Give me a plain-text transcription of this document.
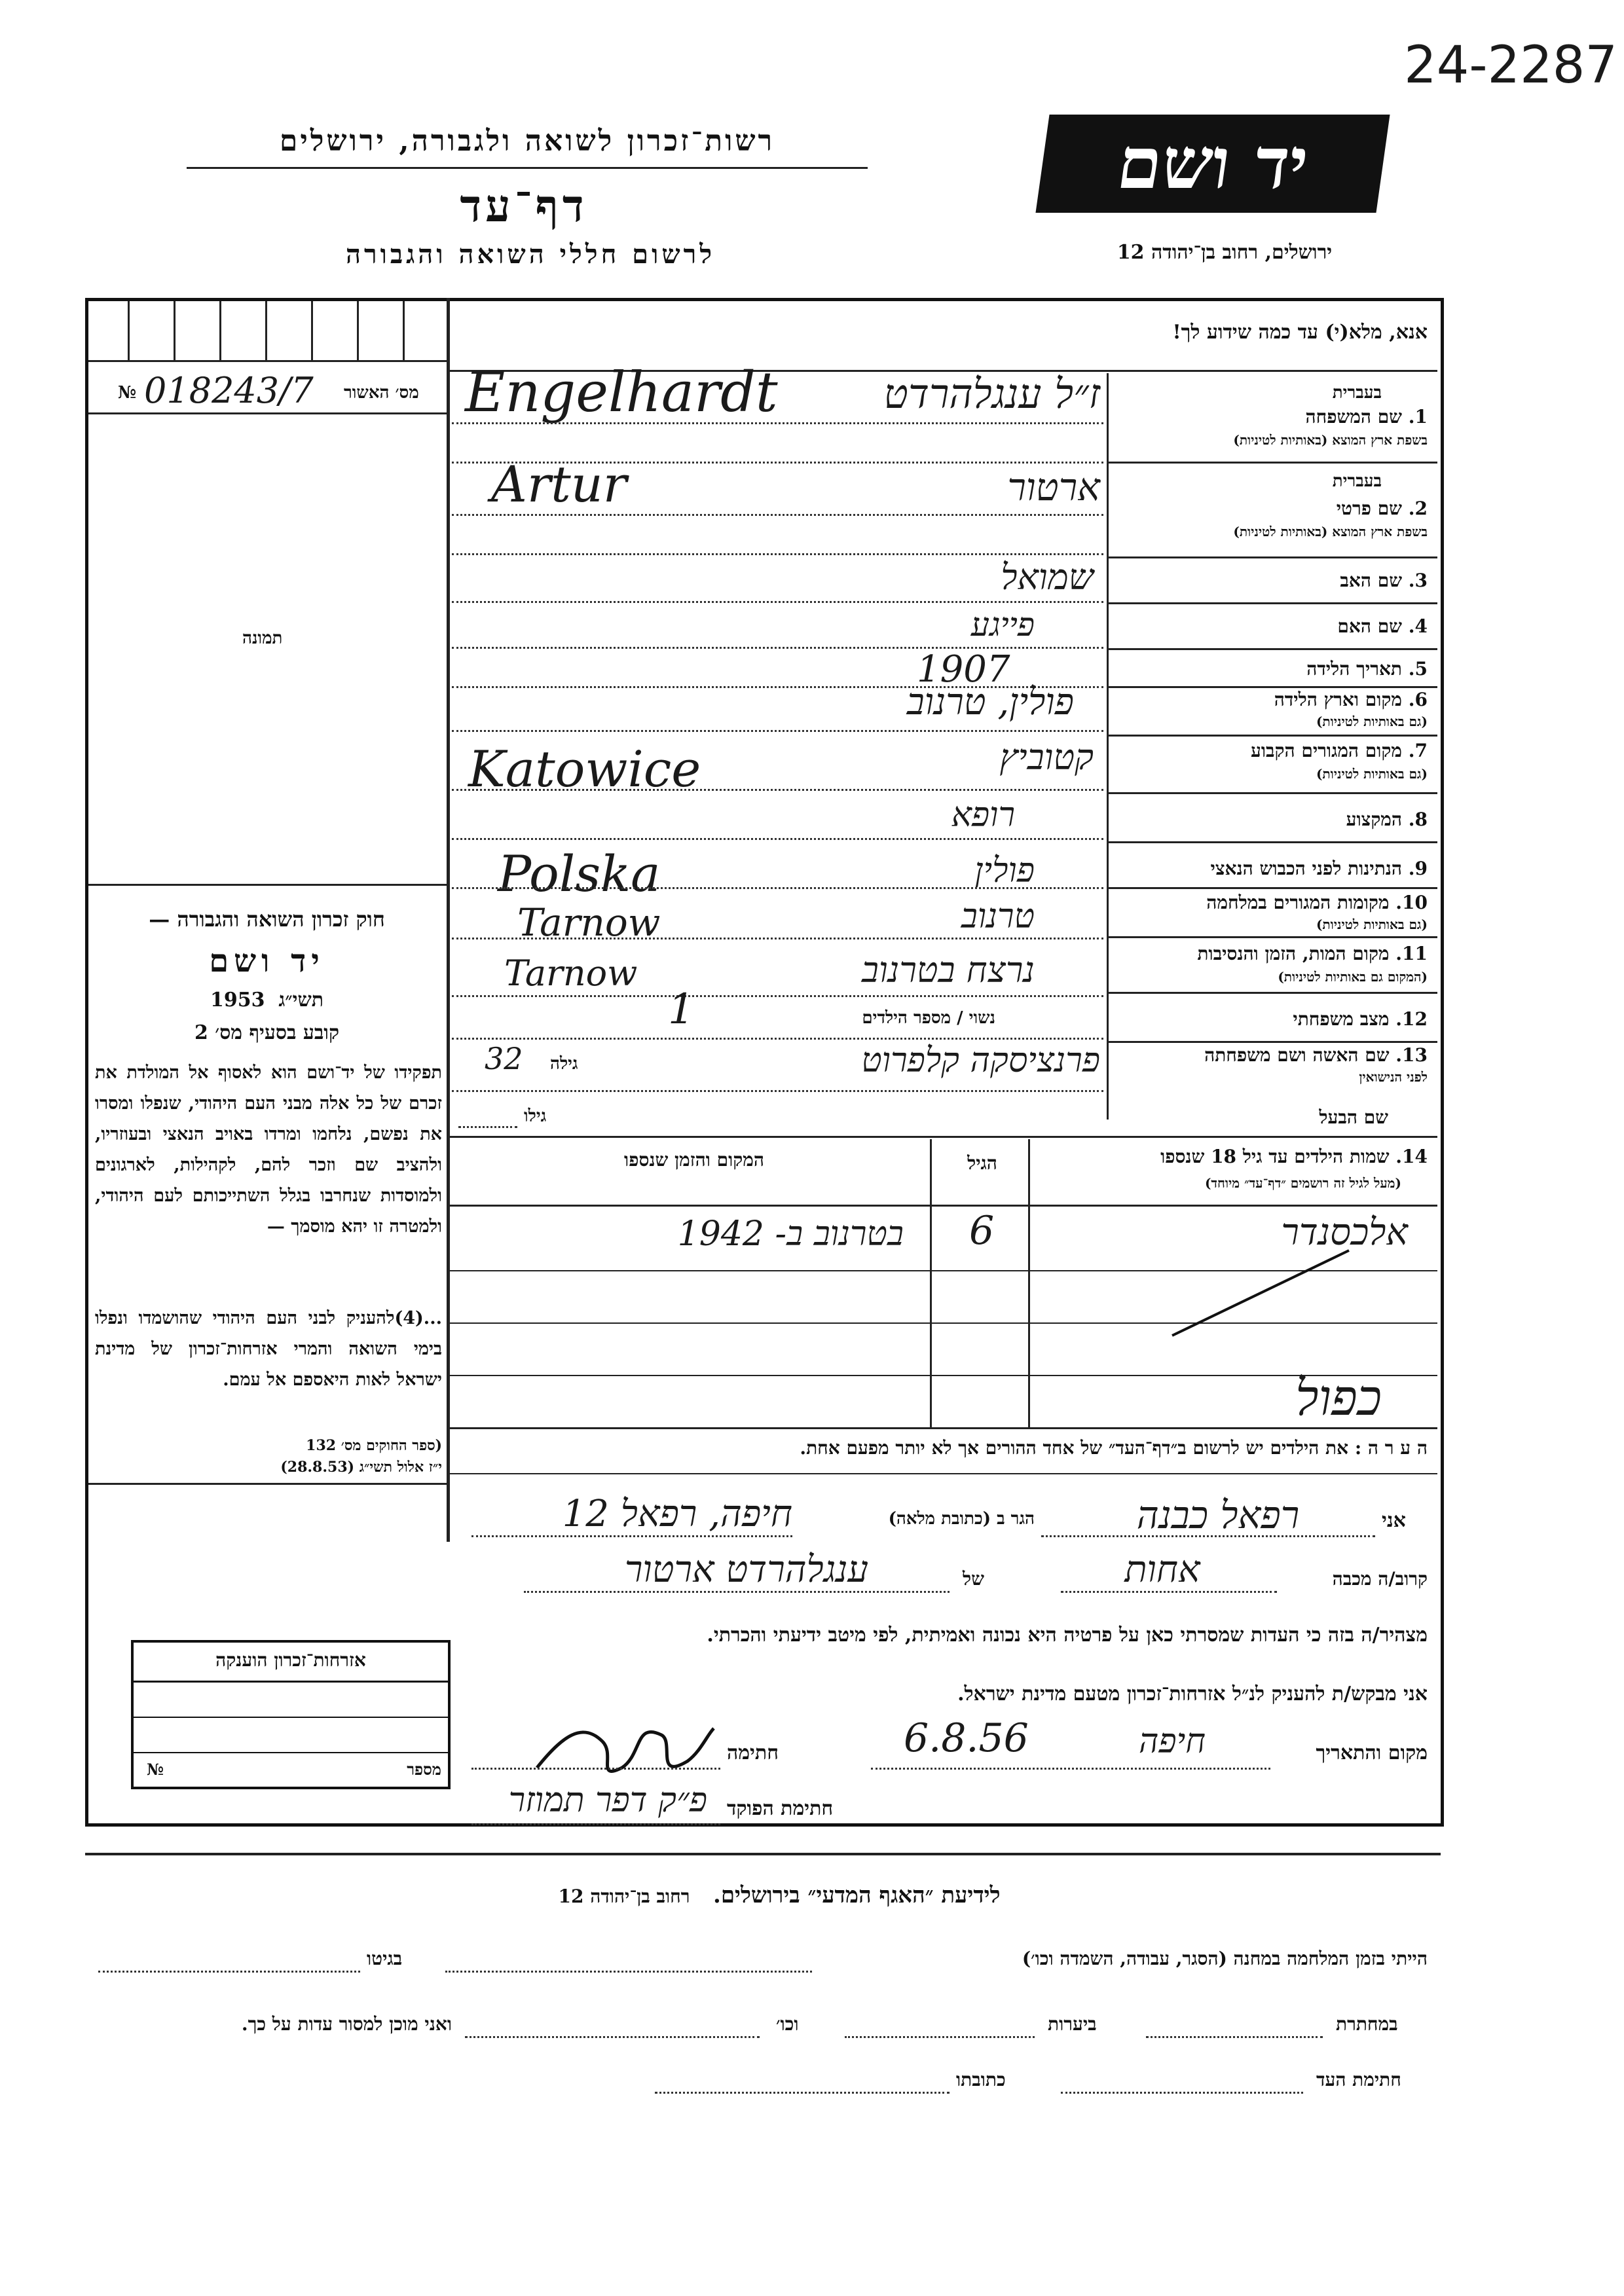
24-2287
יד ושם
רשות־זכרון לשואה ולגבורה, ירושלים
דף־עד
לרשום חללי השואה והגבורה	ירושלים, רחוב בן־יהודה 12
מס׳ האשור
№ 018243/7
תמונה
חוק זכרון השואה והגבורה —
יד ושם
1953 תשי״ג
קובע בסעיף מס׳ 2
תפקידו של יד־ושם הוא לאסוף אל המולדת את זכרם של כל אלה מבני העם היהודי, שנפלו ומסרו את נפשם, נלחמו ומרדו באויב הנאצי ובעוזריו, ולהציב שם וזכר להם, לקהילות, לארגונים ולמוסדות שנחרבו בגלל השתייכותם לעם היהודי, ולמטרה זו יהא מוסמך —
...(4)להעניק לבני העם היהודי שהושמדו ונפלו בימי השואה והמרי אזרחות־זכרון של מדינת ישראל לאות היאספם אל עמם.
(ספר החוקים מס׳ 132
י״ז אלול תשי״ג (28.8.53)
אזרחות־זכרון הוענקה
מספר
№
אנא, מלא(י) עד כמה שידוע לך!
בעברית
1. שם המשפחה
בשפת ארץ המוצא (באותיות לטיניות)
Engelhardt	ז״ל ענגלהרדט
בעברית
2. שם פרטי
בשפת ארץ המוצא (באותיות לטיניות)
Artur	ארטור
3. שם האב
שמואל
4. שם האם
פייגע
5. תאריך הלידה
1907
6. מקום וארץ הלידה
(גם באותיות לטיניות)
פולין, טרנוב
7. מקום המגורים הקבוע
(גם באותיות לטיניות)
Katowice	קטוביץ
8. המקצוע
רופא
9. הנתינות לפני הכבוש הנאצי
Polska	פולין
10. מקומות המגורים במלחמה
(גם באותיות לטיניות)
Tarnow	טרנוב
11. מקום המות, הזמן והנסיבות
(המקום גם באותיות לטיניות)
Tarnow	נרצח בטרנוב
12. מצב משפחתי
נשוי / מספר הילדים
1
13. שם האשה ושם משפחתה
לפני הנישואין
פרנציסקה קלפרוט
גילה
32
שם הבעל
גילו
14. שמות הילדים עד גיל 18 שנספו
(מעל לגיל זה רושמים ״דף־עד״ מיוחד)
הגיל
המקום והזמן שנספו
אלכסנדר
6
בטרנוב ב- 1942
כפול
ה ע ר ה : את הילדים יש לרשום ב״דף־העד״ של אחד ההורים אך לא יותר מפעם אחת.
אני
רפאל כבנה
הגר ב (כתובת מלאה)
חיפה, רפאל 12
קרוב/ה מכבה
אחות
של
ענגלהרדט ארטור
מצהיר/ה בזה כי העדות שמסרתי כאן על פרטיה היא נכונה ואמיתית, לפי מיטב ידיעתי והכרתי.
אני מבקש/ת להעניק לנ״ל אזרחות־זכרון מטעם מדינת ישראל.
מקום והתאריך
חיפה
6.8.56
חתימה
חתימת הפוקד
פ״ק דפר תמוזר
לידיעת ״האגף המדעי״ בירושלים.   רחוב בן־יהודה 12
הייתי בזמן המלחמה במחנה (הסגר, עבודה, השמדה וכו׳)
בגיטו
במחתרת
ביערות
וכו׳
ואני מוכן למסור עדות על כך.
חתימת העד
כתובתו
